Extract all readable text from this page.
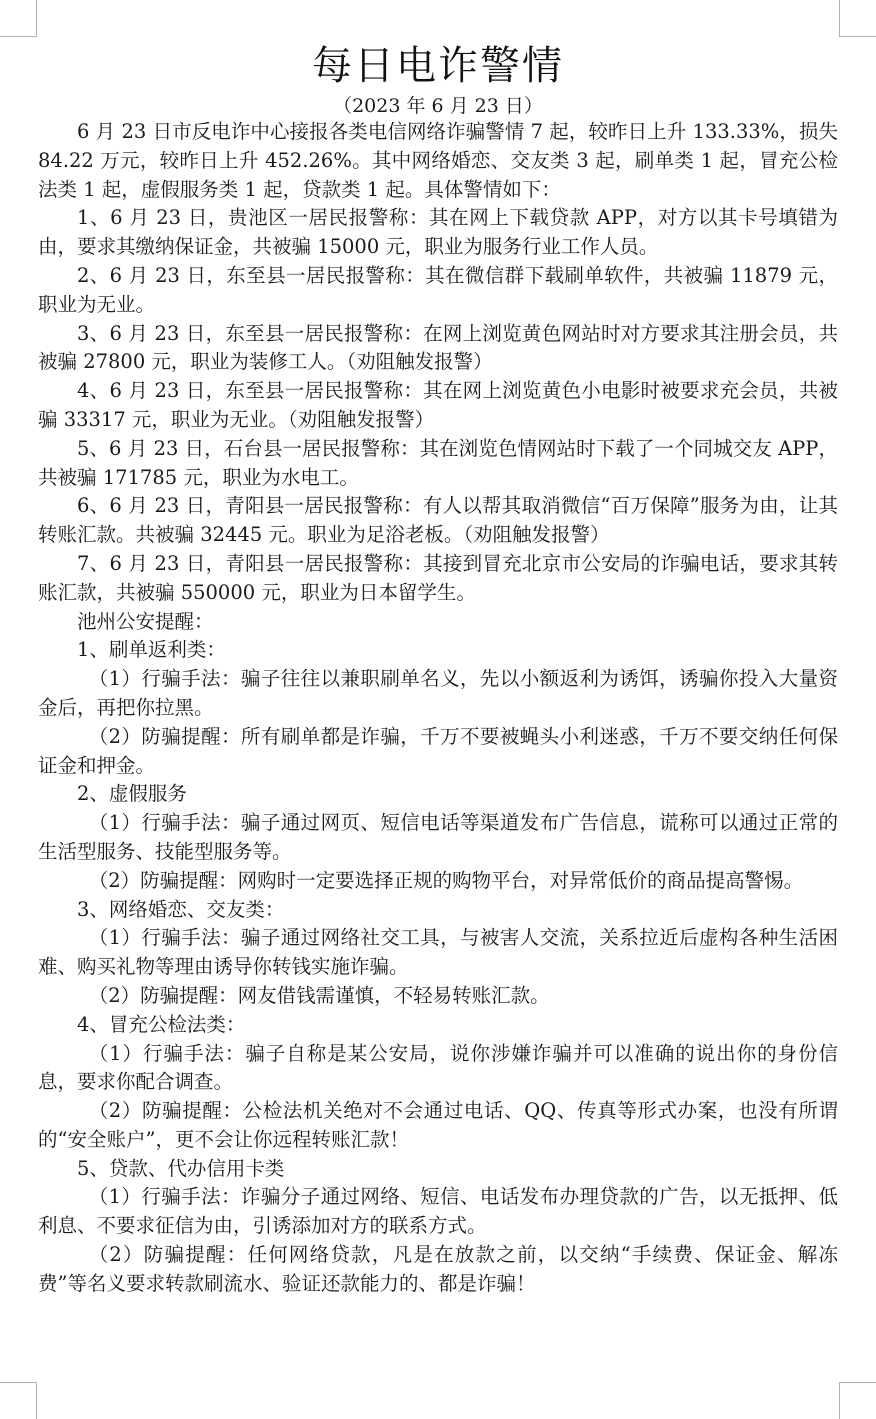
每日电诈警情
（2023 年 6 月 23 日）

6 月 23 日市反电诈中心接报各类电信网络诈骗警情 7 起，较昨日上升 133.33%，损失 84.22 万元，较昨日上升 452.26%。其中网络婚恋、交友类 3 起，刷单类 1 起，冒充公检法类 1 起，虚假服务类 1 起，贷款类 1 起。具体警情如下：

1、6 月 23 日，贵池区一居民报警称：其在网上下载贷款 APP，对方以其卡号填错为由，要求其缴纳保证金，共被骗 15000 元，职业为服务行业工作人员。

2、6 月 23 日，东至县一居民报警称：其在微信群下载刷单软件，共被骗 11879 元，职业为无业。

3、6 月 23 日，东至县一居民报警称：在网上浏览黄色网站时对方要求其注册会员，共被骗 27800 元，职业为装修工人。（劝阻触发报警）

4、6 月 23 日，东至县一居民报警称：其在网上浏览黄色小电影时被要求充会员，共被骗 33317 元，职业为无业。（劝阻触发报警）

5、6 月 23 日，石台县一居民报警称：其在浏览色情网站时下载了一个同城交友 APP，共被骗 171785 元，职业为水电工。

6、6 月 23 日，青阳县一居民报警称：有人以帮其取消微信“百万保障”服务为由，让其转账汇款。共被骗 32445 元。职业为足浴老板。（劝阻触发报警）

7、6 月 23 日，青阳县一居民报警称：其接到冒充北京市公安局的诈骗电话，要求其转账汇款，共被骗 550000 元，职业为日本留学生。

池州公安提醒：

1、刷单返利类：

（1）行骗手法：骗子往往以兼职刷单名义，先以小额返利为诱饵，诱骗你投入大量资金后，再把你拉黑。

（2）防骗提醒：所有刷单都是诈骗，千万不要被蝇头小利迷惑，千万不要交纳任何保证金和押金。

2、虚假服务

（1）行骗手法：骗子通过网页、短信电话等渠道发布广告信息，谎称可以通过正常的生活型服务、技能型服务等。

（2）防骗提醒：网购时一定要选择正规的购物平台，对异常低价的商品提高警惕。

3、网络婚恋、交友类：

（1）行骗手法：骗子通过网络社交工具，与被害人交流，关系拉近后虚构各种生活困难、购买礼物等理由诱导你转钱实施诈骗。

（2）防骗提醒：网友借钱需谨慎，不轻易转账汇款。

4、冒充公检法类：

（1）行骗手法：骗子自称是某公安局，说你涉嫌诈骗并可以准确的说出你的身份信息，要求你配合调查。

（2）防骗提醒：公检法机关绝对不会通过电话、QQ、传真等形式办案，也没有所谓的“安全账户”，更不会让你远程转账汇款！

5、贷款、代办信用卡类

（1）行骗手法：诈骗分子通过网络、短信、电话发布办理贷款的广告，以无抵押、低利息、不要求征信为由，引诱添加对方的联系方式。

（2）防骗提醒：任何网络贷款，凡是在放款之前，以交纳“手续费、保证金、解冻费”等名义要求转款刷流水、验证还款能力的、都是诈骗！
